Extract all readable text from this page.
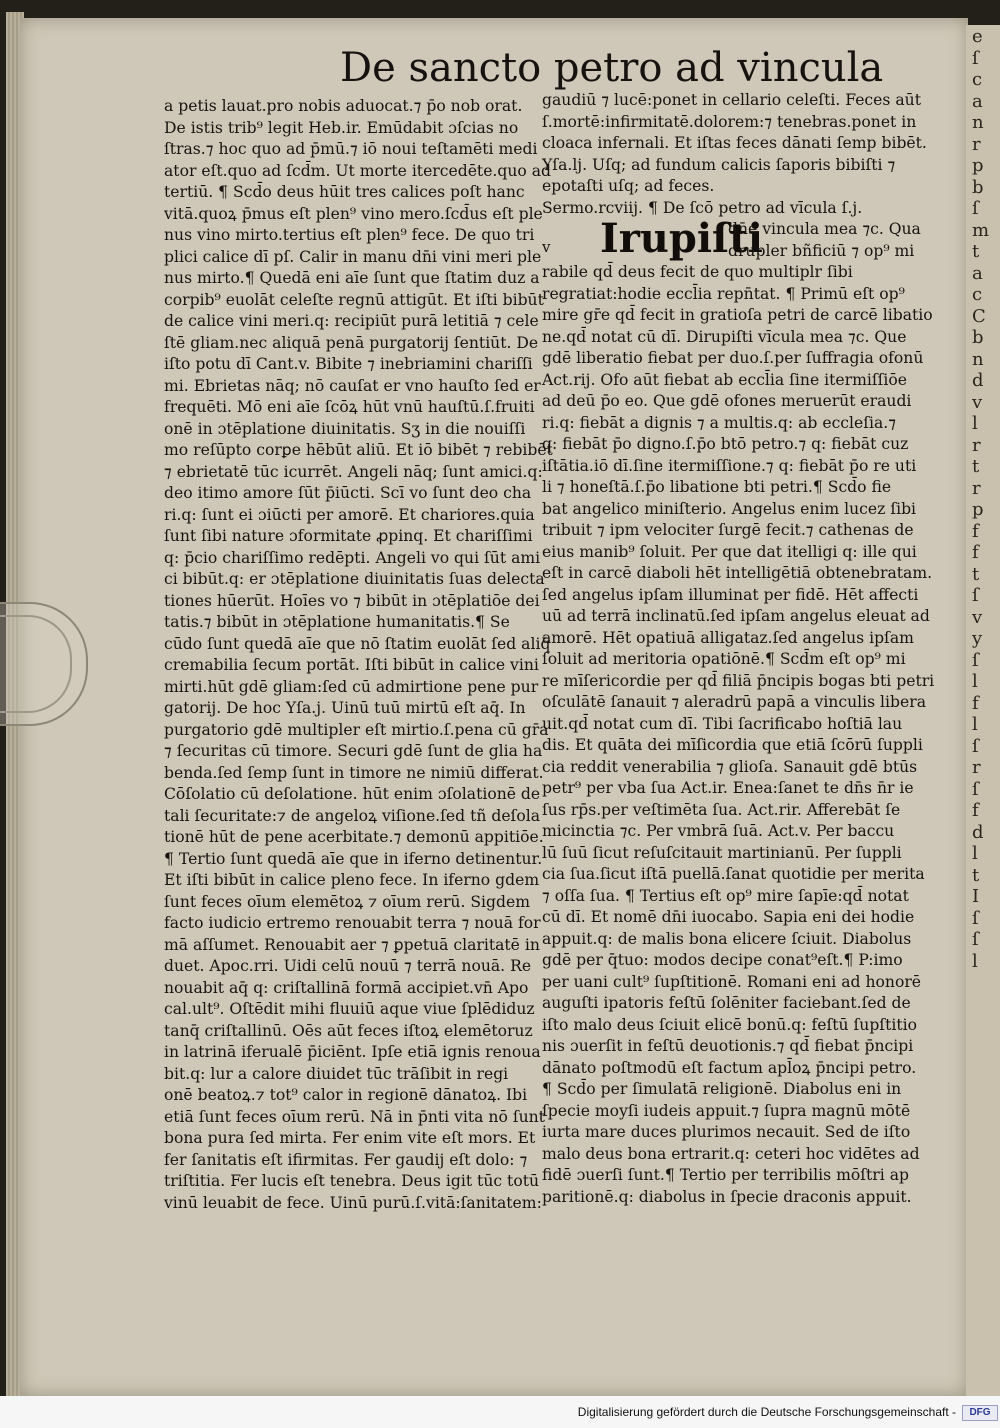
e
ſ
c
a
n
r
p
b
ſ
m
t
a
c
C
b
n
d
v
l
r
t
r
p
f
f
t
ſ
v
y
ſ
l
f
l
ſ
r
ſ
f
d
l
t
I
ſ
ſ
l
De sancto petro ad vincula
a petis lauat.pro nobis aduocat.⁊ p̄o nob orat.
De istis trib⁹ legit Heb.ir. Emūdabit ɔſcias no
ſtras.⁊ hoc quo ad p̄mū.⁊ iō noui teſtamēti medi
ator eſt.quo ad ſcd̄m. Ut morte itercedēte.quo ad
tertiū. ¶ Scd̄o deus hūit tres calices poſt hanc
vitā.quoꝝ p̄mus eſt plen⁹ vino mero.ſcd̄us eſt ple
nus vino mirto.tertius eſt plen⁹ fece. De quo tri
plici calice dī pſ. Calir in manu dn̄i vini meri ple
nus mirto.¶ Quedā eni aīe ſunt que ſtatim duz a
corpib⁹ euolāt celeſte regnū attigūt. Et iſti bibūt
de calice vini meri.q: recipiūt purā letitiā ⁊ cele
ſtē gliam.nec aliquā penā purgatorij ſentiūt. De
iſto potu dī Cant.v. Bibite ⁊ inebriamini chariſſi
mi. Ebrietas nāq; nō cauſat er vno hauſto ſed er
frequēti. Mō eni aīe ſcōꝝ hūt vnū hauſtū.ſ.fruiti
onē in ɔtēplatione diuinitatis. Sʒ in die nouiſſi
mo reſūpto corꝑe hēbūt aliū. Et iō bibēt ⁊ rebibēt
⁊ ebrietatē tūc icurrēt. Angeli nāq; ſunt amici.q:
deo itimo amore ſūt p̄iūcti. Scī vo ſunt deo cha
ri.q: ſunt ei ɔiūcti per amorē. Et chariores.quia
ſunt ſibi nature ɔformitate ꝓpinq. Et chariſſimi
q: p̄cio chariſſimo redēpti. Angeli vo qui ſūt ami
ci bibūt.q: er ɔtēplatione diuinitatis ſuas delecta
tiones hūerūt. Hoīes vo ⁊ bibūt in ɔtēplatiōe dei
tatis.⁊ bibūt in ɔtēplatione humanitatis.¶ Se
cūdo ſunt quedā aīe que nō ſtatim euolāt ſed aliq̄
cremabilia ſecum portāt. Iſti bibūt in calice vini
mirti.hūt gdē gliam:ſed cū admirtione pene pur
gatorij. De hoc Yſa.j. Uinū tuū mirtū eſt aq̄. In
purgatorio gdē multipler eſt mirtio.ſ.pena cū gr̄a
⁊ ſecuritas cū timore. Securi gdē ſunt de glia ha
benda.ſed ſemp ſunt in timore ne nimiū differat.
Cōſolatio cū deſolatione. hūt enim ɔſolationē de
tali ſecuritate:⁊ de angeloꝝ viſione.ſed tñ deſola
tionē hūt de pene acerbitate.⁊ demonū appitiōe.
¶ Tertio ſunt quedā aīe que in iferno detinentur.
Et iſti bibūt in calice pleno fece. In iferno gdem
ſunt feces oīum elemētoꝝ ⁊ oīum rerū. Sigdem
facto iudicio ertremo renouabit terra ⁊ nouā for
mā aſſumet. Renouabit aer ⁊ ꝑpetuā claritatē in
duet. Apoc.rri. Uidi celū nouū ⁊ terrā nouā. Re
nouabit aq̄ q: criſtallinā formā accipiet.vn̄ Apo
cal.ult⁹. Oſtēdit mihi fluuiū aque viue ſplēdiduz
tanq̄ criſtallinū. Oēs aūt feces iſtoꝝ elemētoruz
in latrinā iferualē p̄iciēnt. Ipſe etiā ignis renoua
bit.q: lur a calore diuidet tūc trāſibit in regi
onē beatoꝝ.⁊ tot⁹ calor in regionē dānatoꝝ. Ibi
etiā ſunt feces oīum rerū. Nā in p̄nti vita nō ſunt
bona pura ſed mirta. Fer enim vite eſt mors. Et
fer ſanitatis eſt ifirmitas. Fer gaudij eſt dolo: ⁊
triſtitia. Fer lucis eſt tenebra. Deus igit tūc totū
vinū leuabit de fece. Uinū purū.ſ.vitā:ſanitatem:
gaudiū ⁊ lucē:ponet in cellario celeſti. Feces aūt
ſ.mortē:infirmitatē.dolorem:⁊ tenebras.ponet in
cloaca infernali. Et iſtas feces dānati ſemp bibēt.
Yſa.lj. Uſq; ad fundum calicis ſaporis bibiſti ⁊
epotaſti uſq; ad feces.
Sermo.rcviij. ¶ De ſcō petro ad vīcula ſ.j.
v Irupiſti
dn̄e vincula mea ⁊c. Qua
drupler bñficiū ⁊ op⁹ mi
rabile qd̄ deus fecit de quo multiplr ſibi
regratiat:hodie eccl̄ia repn̄tat. ¶ Primū eſt op⁹
mire gr̄e qd̄ fecit in gratioſa petri de carcē libatio
ne.qd̄ notat cū dī. Dirupiſti vīcula mea ⁊c. Que
gdē liberatio fiebat per duo.ſ.per ſuffragia ofonū
Act.rij. Ofo aūt fiebat ab eccl̄ia ſine itermiſſiōe
ad deū p̄o eo. Que gdē ofones meruerūt eraudi
ri.q: fiebāt a dignis ⁊ a multis.q: ab eccleſia.⁊
q: fiebāt p̄o digno.ſ.p̄o btō petro.⁊ q: fiebāt cuz
iſtātia.iō dī.ſine itermiſſione.⁊ q: fiebāt p̄o re uti
li ⁊ honeſtā.ſ.p̄o libatione bti petri.¶ Scd̄o fie
bat angelico miniſterio. Angelus enim lucez ſibi
tribuit ⁊ ipm velociter ſurgē fecit.⁊ cathenas de
eius manib⁹ ſoluit. Per que dat itelligi q: ille qui
eſt in carcē diaboli hēt intelligētiā obtenebratam.
ſed angelus ipſam illuminat per fidē. Hēt affecti
uū ad terrā inclinatū.ſed ipſam angelus eleuat ad
amorē. Hēt opatiuā alligataz.ſed angelus ipſam
ſoluit ad meritoria opatiōnē.¶ Scd̄m eſt op⁹ mi
re mīſericordie per qd̄ filiā p̄ncipis bogas bti petri
oſculātē ſanauit ⁊ aleradrū papā a vinculis libera
uit.qd̄ notat cum dī. Tibi ſacrificabo hoſtiā lau
dis. Et quāta dei mīſicordia que etiā ſcōrū ſuppli
cia reddit venerabilia ⁊ glioſa. Sanauit gdē btūs
petr⁹ per vba ſua Act.ir. Enea:ſanet te dn̄s n̄r ie
ſus rp̄s.per veſtimēta ſua. Act.rir. Afferebāt ſe
micinctia ⁊c. Per vmbrā ſuā. Act.v. Per baccu
lū ſuū ſicut reſuſcitauit martinianū. Per ſuppli
cia ſua.ſicut iſtā puellā.ſanat quotidie per merita
⁊ oſſa ſua. ¶ Tertius eſt op⁹ mire ſapīe:qd̄ notat
cū dī. Et nomē dn̄i iuocabo. Sapia eni dei hodie
appuit.q: de malis bona elicere ſciuit. Diabolus
gdē per q̄tuo: modos decipe conat⁹eſt.¶ P:imo
per uani cult⁹ ſupſtitionē. Romani eni ad honorē
auguſti ipatoris feſtū ſolēniter faciebant.ſed de
iſto malo deus ſciuit elicē bonū.q: feſtū ſupſtitio
nis ɔuerſit in feſtū deuotionis.⁊ qd̄ fiebat p̄ncipi
dānato poſtmodū eſt factum apl̄oꝝ p̄ncipi petro.
¶ Scd̄o per ſimulatā religionē. Diabolus eni in
ſpecie moyſi iudeis appuit.⁊ ſupra magnū mōtē
iurta mare duces plurimos necauit. Sed de iſto
malo deus bona ertrarit.q: ceteri hoc vidētes ad
fidē ɔuerſi ſunt.¶ Tertio per terribilis mōſtri ap
paritionē.q: diabolus in ſpecie draconis appuit.
Digitalisierung gefördert durch die Deutsche Forschungsgemeinschaft -	DFG
